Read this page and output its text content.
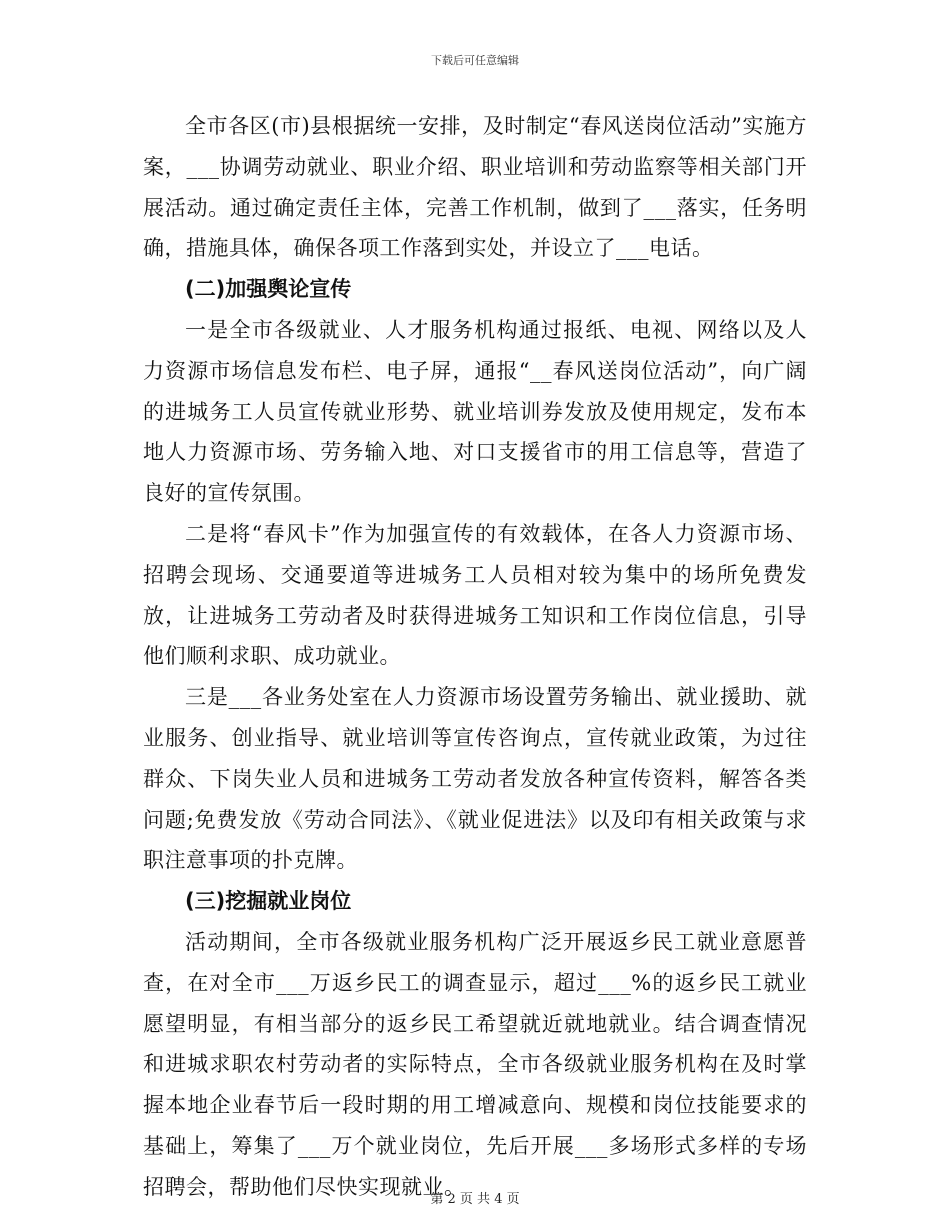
下载后可任意编辑

全市各区(市)县根据统一安排，及时制定“春风送岗位活动”实施方案，___协调劳动就业、职业介绍、职业培训和劳动监察等相关部门开展活动。通过确定责任主体，完善工作机制，做到了___落实，任务明确，措施具体，确保各项工作落到实处，并设立了___电话。

(二)加强舆论宣传

一是全市各级就业、人才服务机构通过报纸、电视、网络以及人力资源市场信息发布栏、电子屏，通报“__春风送岗位活动”，向广阔的进城务工人员宣传就业形势、就业培训券发放及使用规定，发布本地人力资源市场、劳务输入地、对口支援省市的用工信息等，营造了良好的宣传氛围。

二是将“春风卡”作为加强宣传的有效载体，在各人力资源市场、招聘会现场、交通要道等进城务工人员相对较为集中的场所免费发放，让进城务工劳动者及时获得进城务工知识和工作岗位信息，引导他们顺利求职、成功就业。

三是___各业务处室在人力资源市场设置劳务输出、就业援助、就业服务、创业指导、就业培训等宣传咨询点，宣传就业政策，为过往群众、下岗失业人员和进城务工劳动者发放各种宣传资料，解答各类问题;免费发放《劳动合同法》、《就业促进法》以及印有相关政策与求职注意事项的扑克牌。

(三)挖掘就业岗位

活动期间，全市各级就业服务机构广泛开展返乡民工就业意愿普查，在对全市___万返乡民工的调查显示，超过___%的返乡民工就业愿望明显，有相当部分的返乡民工希望就近就地就业。结合调查情况和进城求职农村劳动者的实际特点，全市各级就业服务机构在及时掌握本地企业春节后一段时期的用工增减意向、规模和岗位技能要求的基础上，筹集了___万个就业岗位，先后开展___多场形式多样的专场招聘会，帮助他们尽快实现就业。

第 2 页 共 4 页
